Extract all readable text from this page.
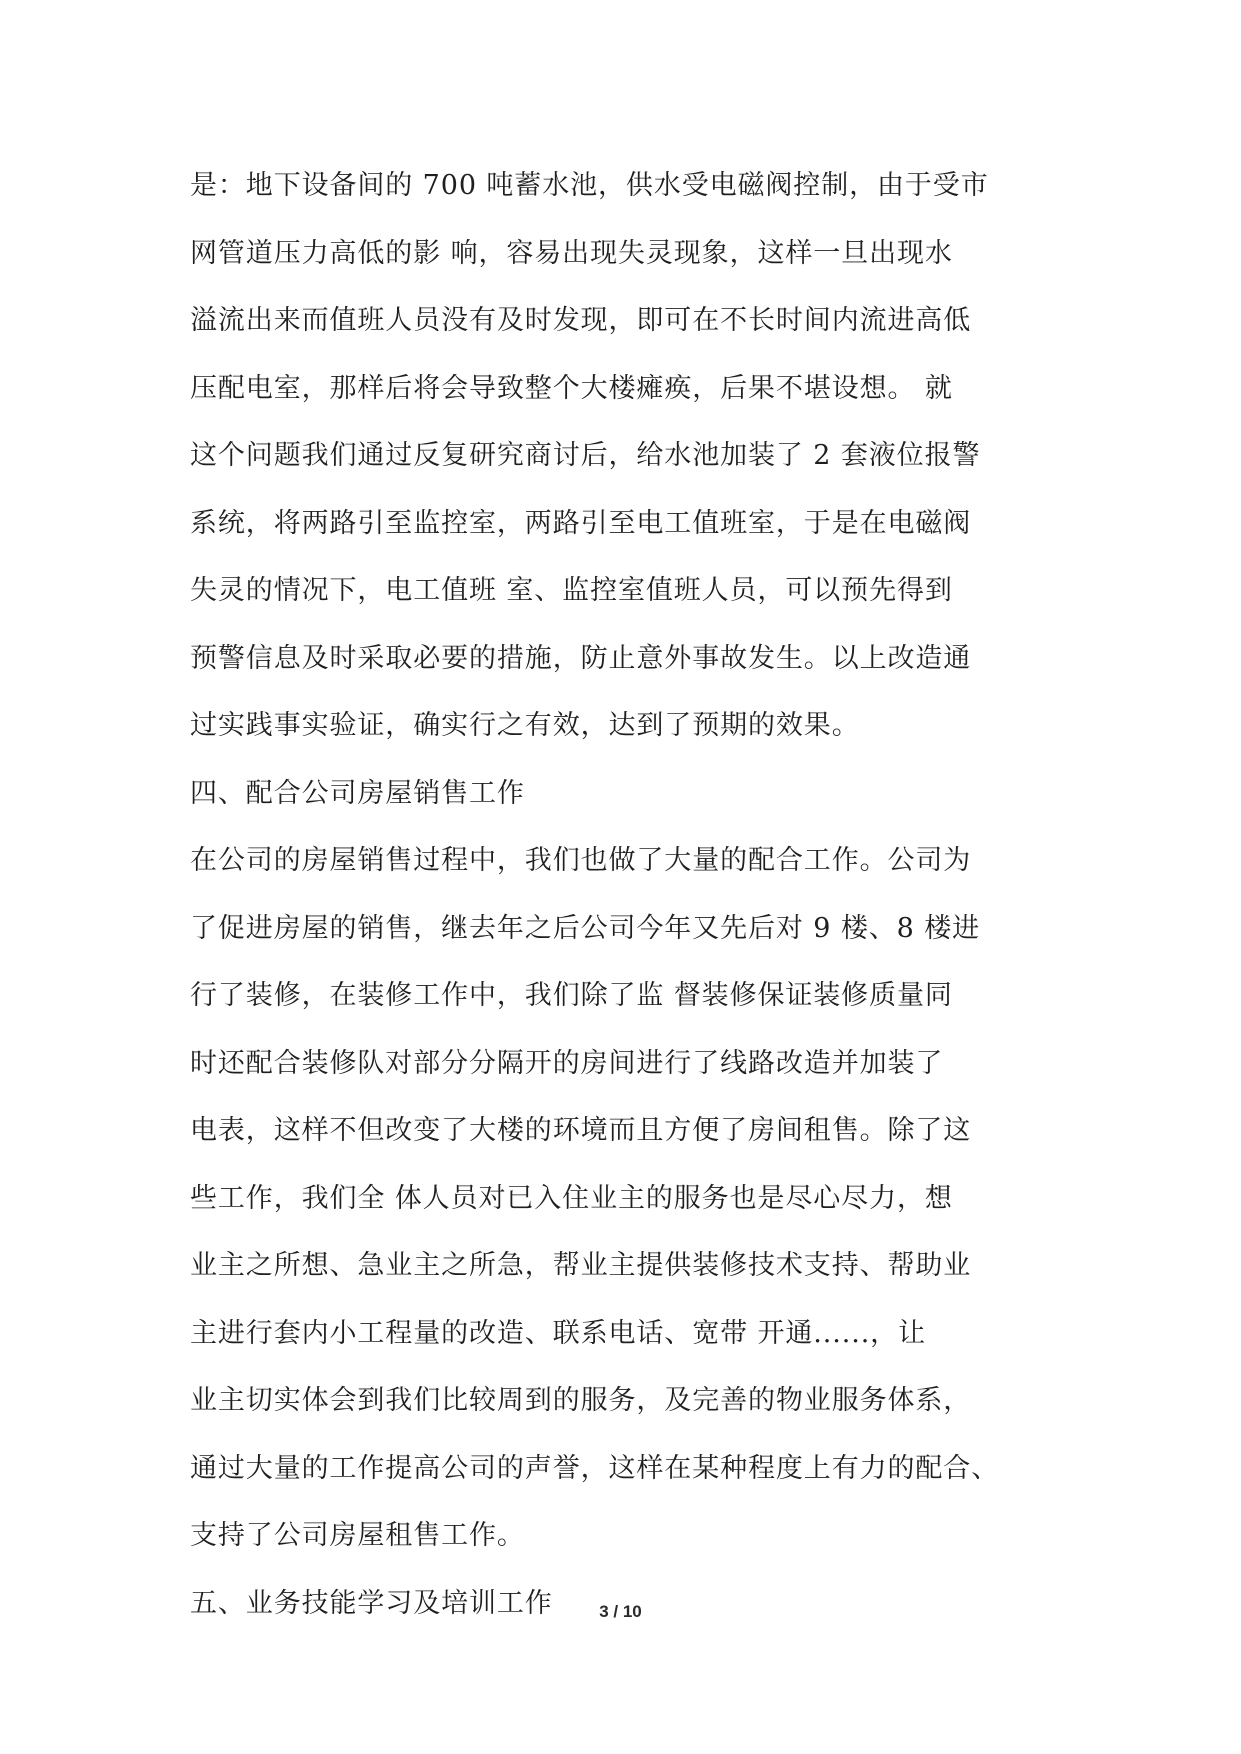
是：地下设备间的 700 吨蓄水池，供水受电磁阀控制，由于受市
网管道压力高低的影 响，容易出现失灵现象，这样一旦出现水
溢流出来而值班人员没有及时发现，即可在不长时间内流进高低
压配电室，那样后将会导致整个大楼瘫痪，后果不堪设想。 就
这个问题我们通过反复研究商讨后，给水池加装了 2 套液位报警
系统，将两路引至监控室，两路引至电工值班室，于是在电磁阀
失灵的情况下，电工值班 室、监控室值班人员，可以预先得到
预警信息及时采取必要的措施，防止意外事故发生。以上改造通
过实践事实验证，确实行之有效，达到了预期的效果。
四、配合公司房屋销售工作
在公司的房屋销售过程中，我们也做了大量的配合工作。公司为
了促进房屋的销售，继去年之后公司今年又先后对 9 楼、8 楼进
行了装修，在装修工作中，我们除了监 督装修保证装修质量同
时还配合装修队对部分分隔开的房间进行了线路改造并加装了
电表，这样不但改变了大楼的环境而且方便了房间租售。除了这
些工作，我们全 体人员对已入住业主的服务也是尽心尽力，想
业主之所想、急业主之所急，帮业主提供装修技术支持、帮助业
主进行套内小工程量的改造、联系电话、宽带 开通......，让
业主切实体会到我们比较周到的服务，及完善的物业服务体系，
通过大量的工作提高公司的声誉，这样在某种程度上有力的配合、
支持了公司房屋租售工作。
五、业务技能学习及培训工作	3 / 10
